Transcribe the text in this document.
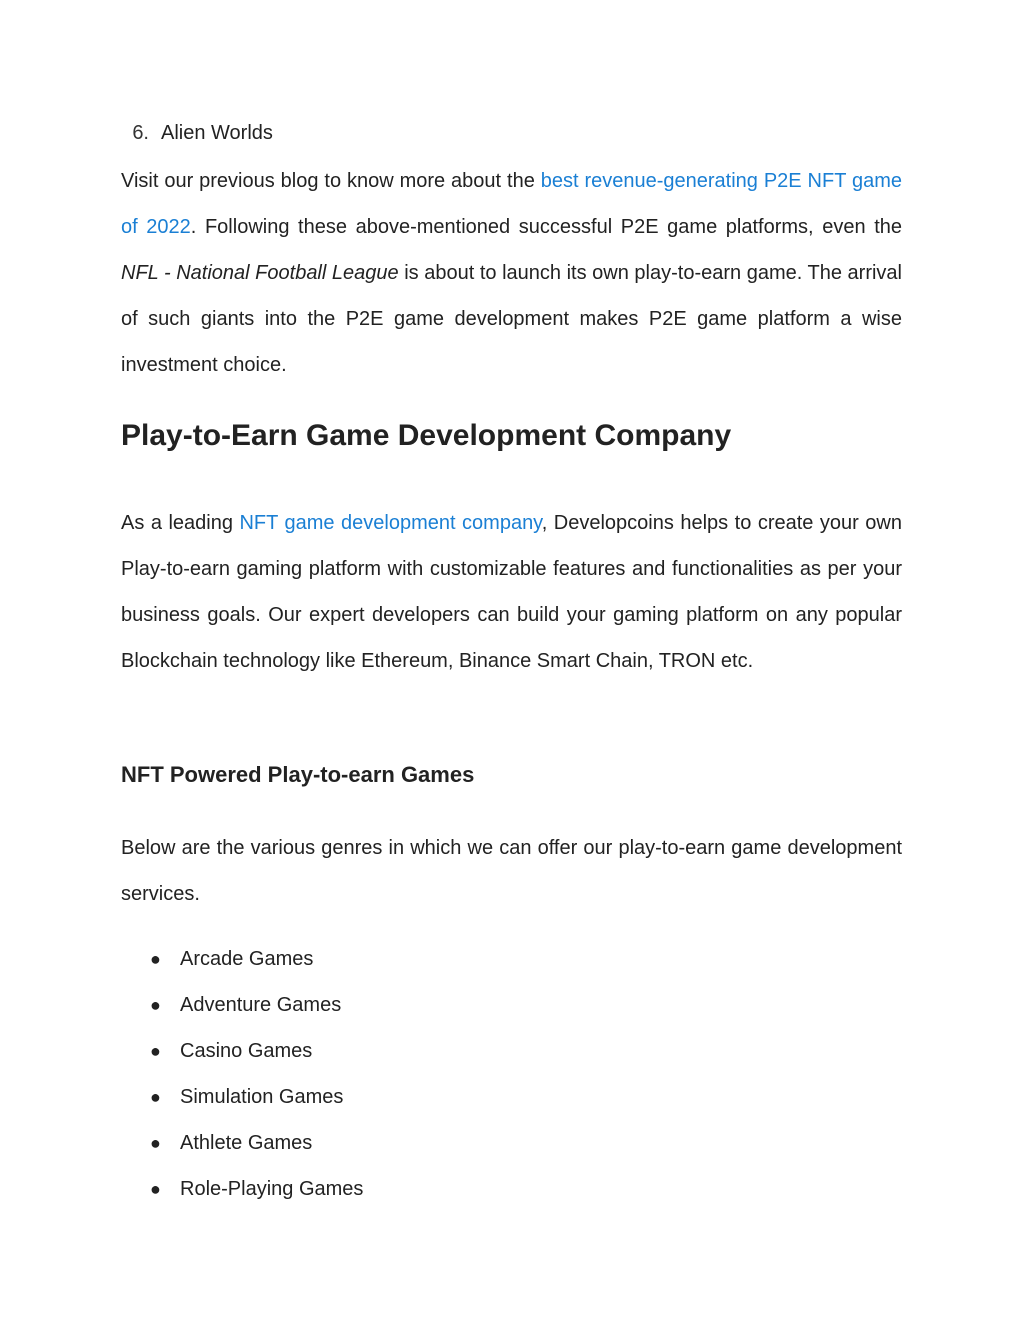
6. Alien Worlds

Visit our previous blog to know more about the best revenue-generating P2E NFT game of 2022. Following these above-mentioned successful P2E game platforms, even the NFL - National Football League is about to launch its own play-to-earn game. The arrival of such giants into the P2E game development makes P2E game platform a wise investment choice.

Play-to-Earn Game Development Company

As a leading NFT game development company, Developcoins helps to create your own Play-to-earn gaming platform with customizable features and functionalities as per your business goals. Our expert developers can build your gaming platform on any popular Blockchain technology like Ethereum, Binance Smart Chain, TRON etc.

NFT Powered Play-to-earn Games

Below are the various genres in which we can offer our play-to-earn game development services.

● Arcade Games
● Adventure Games
● Casino Games
● Simulation Games
● Athlete Games
● Role-Playing Games
